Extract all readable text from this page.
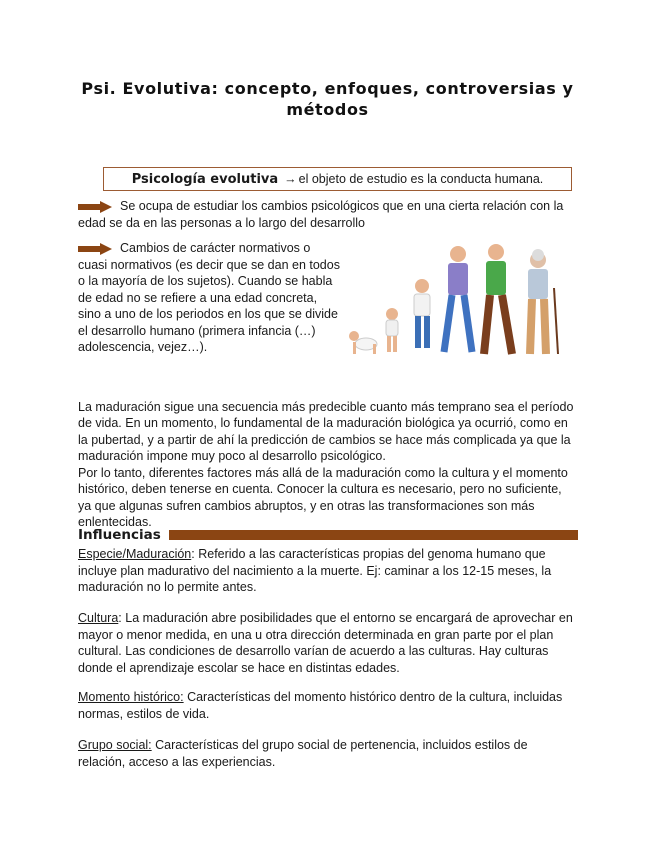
Psi. Evolutiva: concepto, enfoques, controversias y métodos
Psicología evolutiva → el objeto de estudio es la conducta humana.
Se ocupa de estudiar los cambios psicológicos que en una cierta relación con la edad se da en las personas a lo largo del desarrollo
Cambios de carácter normativos o cuasi normativos (es decir que se dan en todos o la mayoría de los sujetos). Cuando se habla de edad no se refiere a una edad concreta, sino a uno de los periodos en los que se divide el desarrollo humano (primera infancia (…) adolescencia, vejez…).

La maduración sigue una secuencia más predecible cuanto más temprano sea el período de vida. En un momento, lo fundamental de la maduración biológica ya ocurrió, como en la pubertad, y a partir de ahí la predicción de cambios se hace más complicada ya que la maduración impone muy poco al desarrollo psicológico.
Por lo tanto, diferentes factores más allá de la maduración como la cultura y el momento histórico, deben tenerse en cuenta. Conocer la cultura es necesario, pero no suficiente, ya que algunas sufren cambios abruptos, y en otras las transformaciones son más enlentecidas.

Influencias
Especie/Maduración: Referido a las características propias del genoma humano que incluye plan madurativo del nacimiento a la muerte. Ej: caminar a los 12-15 meses, la maduración no lo permite antes.
Cultura: La maduración abre posibilidades que el entorno se encargará de aprovechar en mayor o menor medida, en una u otra dirección determinada en gran parte por el plan cultural. Las condiciones de desarrollo varían de acuerdo a las culturas. Hay culturas donde el aprendizaje escolar se hace en distintas edades.
Momento histórico: Características del momento histórico dentro de la cultura, incluidas normas, estilos de vida.
Grupo social: Características del grupo social de pertenencia, incluidos estilos de relación, acceso a las experiencias.
